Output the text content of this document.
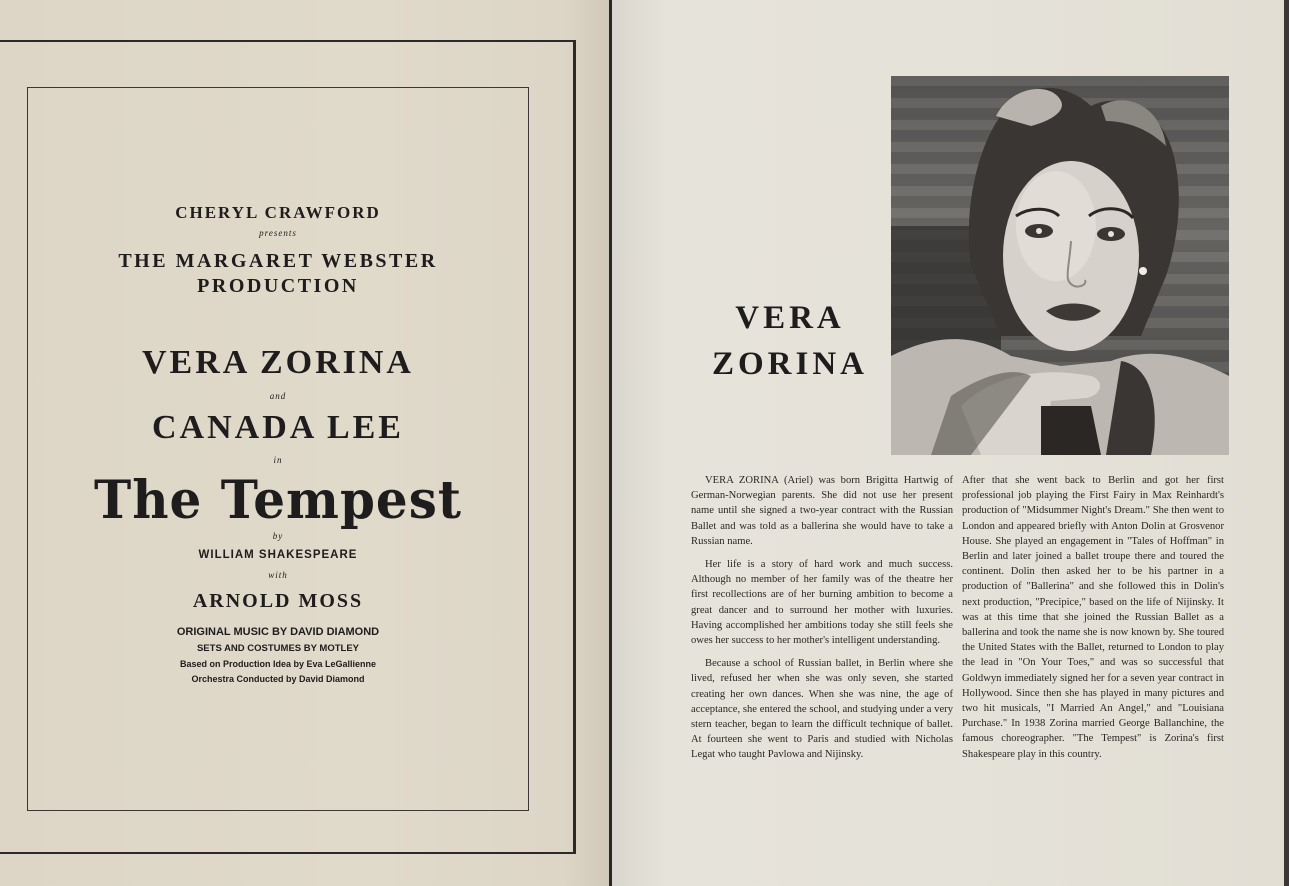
CHERYL CRAWFORD
presents
THE MARGARET WEBSTER
PRODUCTION
VERA ZORINA
and
CANADA LEE
in
The Tempest
by
WILLIAM SHAKESPEARE
with
ARNOLD MOSS
ORIGINAL MUSIC BY DAVID DIAMOND
SETS AND COSTUMES BY MOTLEY
Based on Production Idea by Eva LeGallienne
Orchestra Conducted by David Diamond
VERA
ZORINA

VERA ZORINA (Ariel) was born Brigitta Hartwig of German-Norwegian parents. She did not use her present name until she signed a two-year contract with the Russian Ballet and was told as a ballerina she would have to take a Russian name.

Her life is a story of hard work and much success. Although no member of her family was of the theatre her first recollections are of her burning ambition to become a great dancer and to surround her mother with luxuries. Having accomplished her ambitions today she still feels she owes her success to her mother's intelligent understanding.

Because a school of Russian ballet, in Berlin where she lived, refused her when she was only seven, she started creating her own dances. When she was nine, the age of acceptance, she entered the school, and studying under a very stern teacher, began to learn the difficult technique of ballet. At fourteen she went to Paris and studied with Nicholas Legat who taught Pavlowa and Nijinsky.

After that she went back to Berlin and got her first professional job playing the First Fairy in Max Reinhardt's production of "Midsummer Night's Dream." She then went to London and appeared briefly with Anton Dolin at Grosvenor House. She played an engagement in "Tales of Hoffman" in Berlin and later joined a ballet troupe there and toured the continent. Dolin then asked her to be his partner in a production of "Ballerina" and she followed this in Dolin's next production, "Precipice," based on the life of Nijinsky. It was at this time that she joined the Russian Ballet as a ballerina and took the name she is now known by. She toured the United States with the Ballet, returned to London to play the lead in "On Your Toes," and was so successful that Goldwyn immediately signed her for a seven year contract in Hollywood. Since then she has played in many pictures and two hit musicals, "I Married An Angel," and "Louisiana Purchase." In 1938 Zorina married George Ballanchine, the famous choreographer. "The Tempest" is Zorina's first Shakespeare play in this country.
